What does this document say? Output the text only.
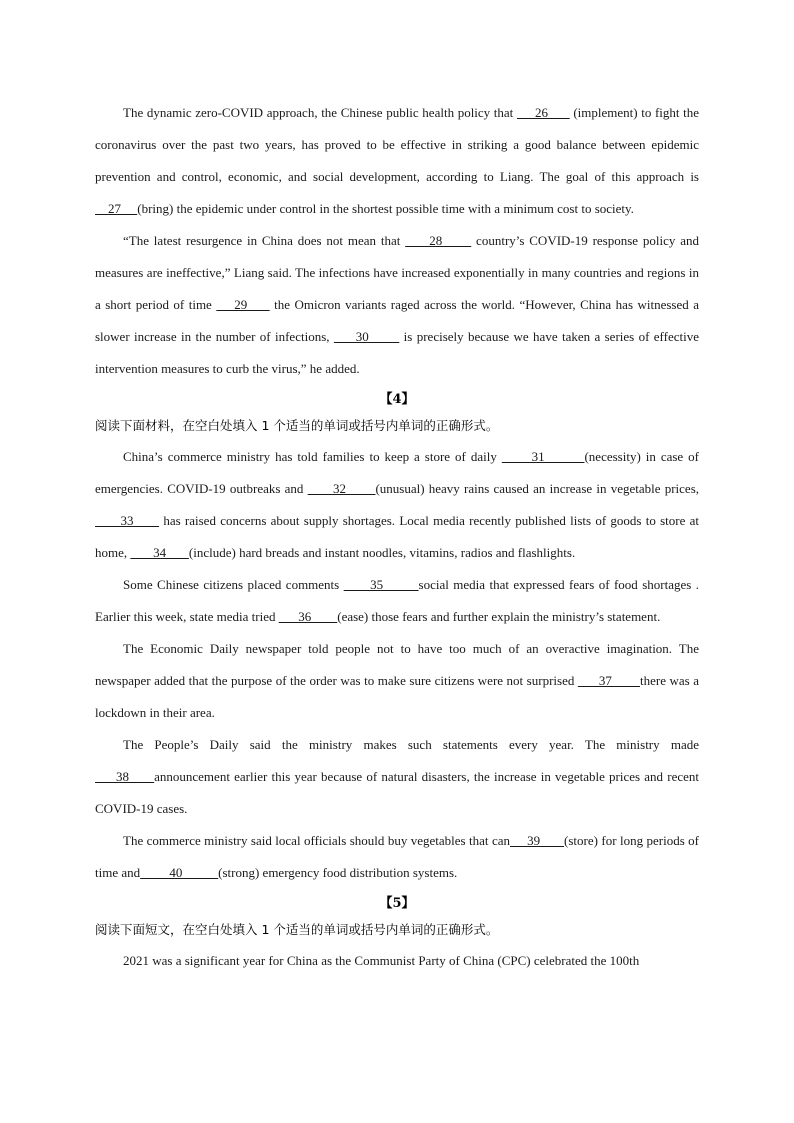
The dynamic zero-COVID approach, the Chinese public health policy that      26       (implement) to fight the coronavirus over the past two years, has proved to be effective in striking a good balance between epidemic prevention and control, economic, and social development, according to Liang. The goal of this approach is     27     (bring) the epidemic under control in the shortest possible time with a minimum cost to society.

“The latest resurgence in China does not mean that      28       country’s COVID-19 response policy and measures are ineffective,” Liang said. The infections have increased exponentially in many countries and regions in a short period of time     29      the Omicron variants raged across the world. “However, China has witnessed a slower increase in the number of infections,      30        is precisely because we have taken a series of effective intervention measures to curb the virus,” he added.

【4】

阅读下面材料，在空白处填入 1 个适当的单词或括号内单词的正确形式。

China’s commerce ministry has told families to keep a store of daily       31        (necessity) in case of emergencies. COVID-19 outbreaks and       32       (unusual) heavy rains caused an increase in vegetable prices,      33       has raised concerns about supply shortages. Local media recently published lists of goods to store at home,        34       (include) hard breads and instant noodles, vitamins, radios and flashlights.

Some Chinese citizens placed comments       35        social media that expressed fears of food shortages . Earlier this week, state media tried       36        (ease) those fears and further explain the ministry’s statement.

The Economic Daily newspaper told people not to have too much of an overactive imagination. The newspaper added that the purpose of the order was to make sure citizens were not surprised       37        there was a lockdown in their area.

The People’s Daily said the ministry makes such statements every year. The ministry made      38      announcement earlier this year because of natural disasters, the increase in vegetable prices and recent COVID-19 cases.

The commerce ministry said local officials should buy vegetables that can     39       (store) for long periods of time and         40           (strong) emergency food distribution systems.

【5】

阅读下面短文，在空白处填入 1 个适当的单词或括号内单词的正确形式。

2021 was a significant year for China as the Communist Party of China (CPC) celebrated the 100th
